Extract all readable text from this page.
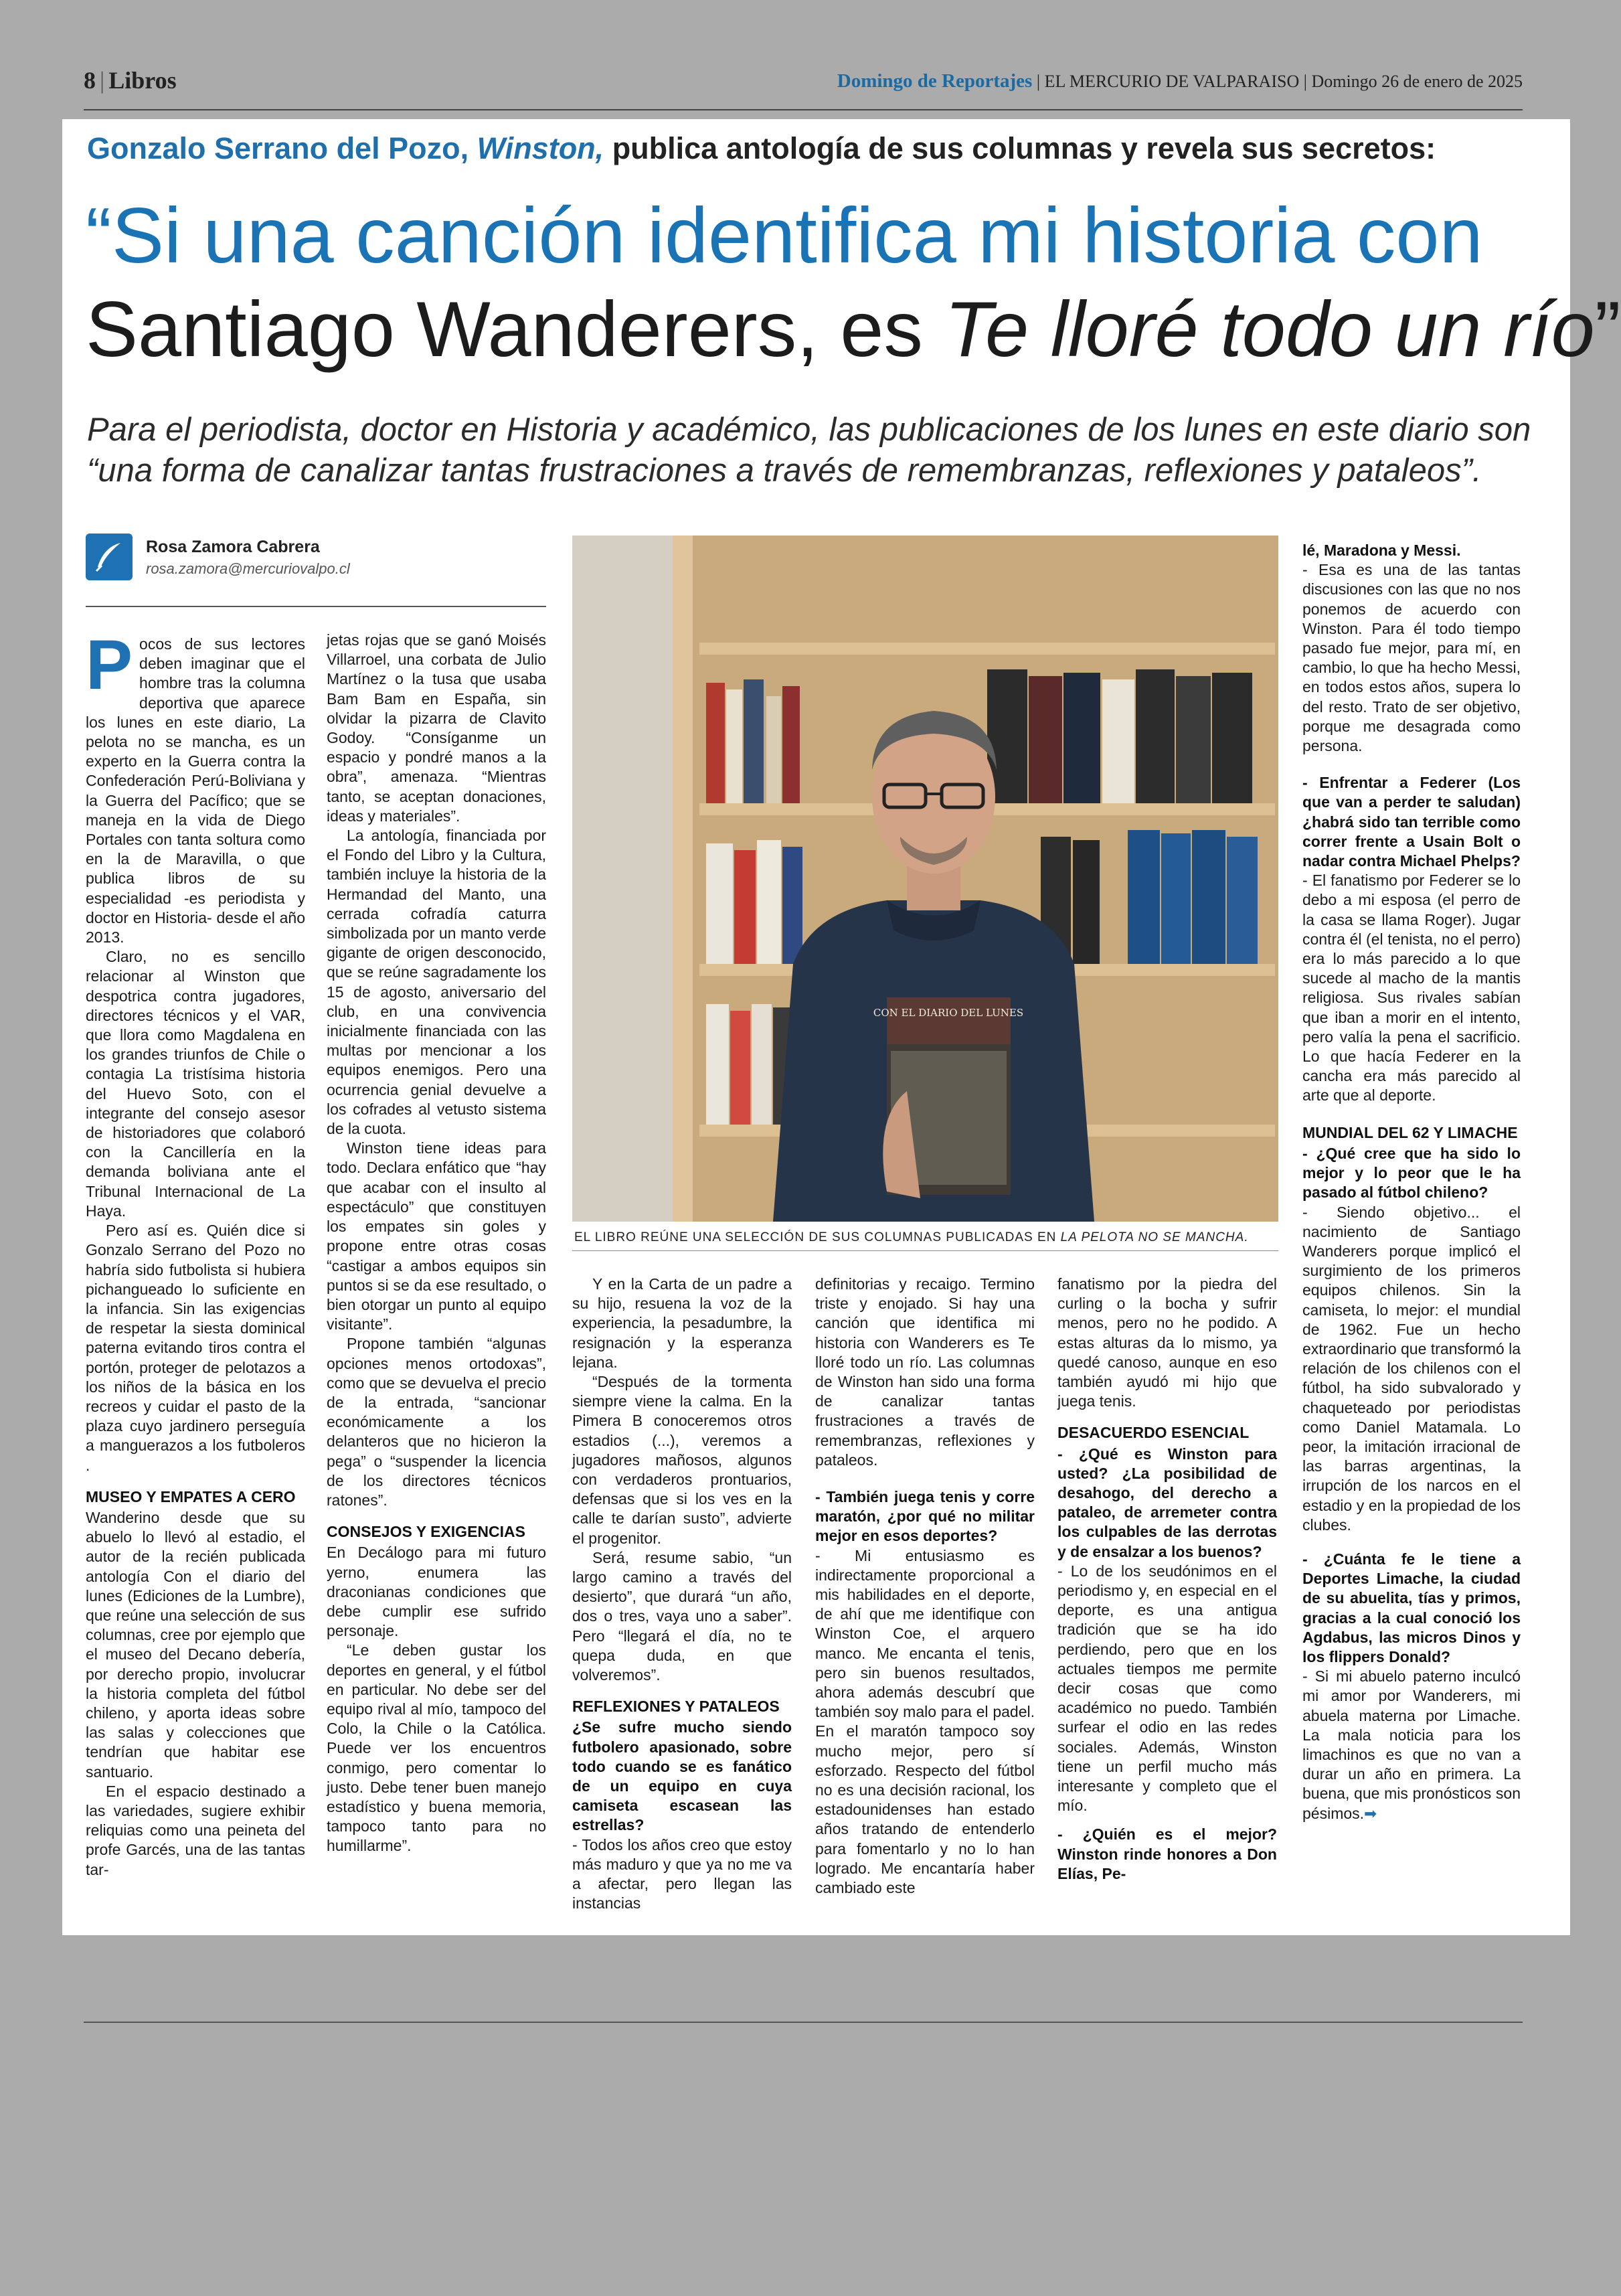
8 | Libros	Domingo de Reportajes | EL MERCURIO DE VALPARAISO | Domingo 26 de enero de 2025
Gonzalo Serrano del Pozo, Winston, publica antología de sus columnas y revela sus secretos:
“Si una canción identifica mi historia con
Santiago Wanderers, es Te lloré todo un río”
Para el periodista, doctor en Historia y académico, las publicaciones de los lunes en este diario son “una forma de canalizar tantas frustraciones a través de remembranzas, reflexiones y pataleos”.
Rosa Zamora Cabrera
rosa.zamora@mercuriovalpo.cl

Pocos de sus lectores deben imaginar que el hombre tras la columna deportiva que aparece los lunes en este diario, La pelota no se mancha, es un experto en la Guerra contra la Confederación Perú-Boliviana y la Guerra del Pacífico; que se maneja en la vida de Diego Portales con tanta soltura como en la de Maravilla, o que publica libros de su especialidad -es periodista y doctor en Historia- desde el año 2013.

Claro, no es sencillo relacionar al Winston que despotrica contra jugadores, directores técnicos y el VAR, que llora como Magdalena en los grandes triunfos de Chile o contagia La tristísima historia del Huevo Soto, con el integrante del consejo asesor de historiadores que colaboró con la Cancillería en la demanda boliviana ante el Tribunal Internacional de La Haya.

Pero así es. Quién dice si Gonzalo Serrano del Pozo no habría sido futbolista si hubiera pichangueado lo suficiente en la infancia. Sin las exigencias de respetar la siesta dominical paterna evitando tiros contra el portón, proteger de pelotazos a los niños de la básica en los recreos y cuidar el pasto de la plaza cuyo jardinero perseguía a manguerazos a los futboleros .

MUSEO Y EMPATES A CERO

Wanderino desde que su abuelo lo llevó al estadio, el autor de la recién publicada antología Con el diario del lunes (Ediciones de la Lumbre), que reúne una selección de sus columnas, cree por ejemplo que el museo del Decano debería, por derecho propio, involucrar la historia completa del fútbol chileno, y aporta ideas sobre las salas y colecciones que tendrían que habitar ese santuario.

En el espacio destinado a las variedades, sugiere exhibir reliquias como una peineta del profe Garcés, una de las tantas tar-

jetas rojas que se ganó Moisés Villarroel, una corbata de Julio Martínez o la tusa que usaba Bam Bam en España, sin olvidar la pizarra de Clavito Godoy. “Consíganme un espacio y pondré manos a la obra”, amenaza. “Mientras tanto, se aceptan donaciones, ideas y materiales”.

La antología, financiada por el Fondo del Libro y la Cultura, también incluye la historia de la Hermandad del Manto, una cerrada cofradía caturra simbolizada por un manto verde gigante de origen desconocido, que se reúne sagradamente los 15 de agosto, aniversario del club, en una convivencia inicialmente financiada con las multas por mencionar a los equipos enemigos. Pero una ocurrencia genial devuelve a los cofrades al vetusto sistema de la cuota.

Winston tiene ideas para todo. Declara enfático que “hay que acabar con el insulto al espectáculo” que constituyen los empates sin goles y propone entre otras cosas “castigar a ambos equipos sin puntos si se da ese resultado, o bien otorgar un punto al equipo visitante”.

Propone también “algunas opciones menos ortodoxas”, como que se devuelva el precio de la entrada, “sancionar económicamente a los delanteros que no hicieron la pega” o “suspender la licencia de los directores técnicos ratones”.

CONSEJOS Y EXIGENCIAS

En Decálogo para mi futuro yerno, enumera las draconianas condiciones que debe cumplir ese sufrido personaje.

“Le deben gustar los deportes en general, y el fútbol en particular. No debe ser del equipo rival al mío, tampoco del Colo, la Chile o la Católica. Puede ver los encuentros conmigo, pero comentar lo justo. Debe tener buen manejo estadístico y buena memoria, tampoco tanto para no humillarme”.

CON EL DIARIO DEL LUNES
EL LIBRO REÚNE UNA SELECCIÓN DE SUS COLUMNAS PUBLICADAS EN LA PELOTA NO SE MANCHA.

Y en la Carta de un padre a su hijo, resuena la voz de la experiencia, la pesadumbre, la resignación y la esperanza lejana.

“Después de la tormenta siempre viene la calma. En la Pimera B conoceremos otros estadios (...), veremos a jugadores mañosos, algunos con verdaderos prontuarios, defensas que si los ves en la calle te darían susto”, advierte el progenitor.

Será, resume sabio, “un largo camino a través del desierto”, que durará “un año, dos o tres, vaya uno a saber”. Pero “llegará el día, no te quepa duda, en que volveremos”.

REFLEXIONES Y PATALEOS

¿Se sufre mucho siendo futbolero apasionado, sobre todo cuando se es fanático de un equipo en cuya camiseta escasean las estrellas?

- Todos los años creo que estoy más maduro y que ya no me va a afectar, pero llegan las instancias

definitorias y recaigo. Termino triste y enojado. Si hay una canción que identifica mi historia con Wanderers es Te lloré todo un río. Las columnas de Winston han sido una forma de canalizar tantas frustraciones a través de remembranzas, reflexiones y pataleos.

- También juega tenis y corre maratón, ¿por qué no militar mejor en esos deportes?

- Mi entusiasmo es indirectamente proporcional a mis habilidades en el deporte, de ahí que me identifique con Winston Coe, el arquero manco. Me encanta el tenis, pero sin buenos resultados, ahora además descubrí que también soy malo para el padel. En el maratón tampoco soy mucho mejor, pero sí esforzado. Respecto del fútbol no es una decisión racional, los estadounidenses han estado años tratando de entenderlo para fomentarlo y no lo han logrado. Me encantaría haber cambiado este

fanatismo por la piedra del curling o la bocha y sufrir menos, pero no he podido. A estas alturas da lo mismo, ya quedé canoso, aunque en eso también ayudó mi hijo que juega tenis.

DESACUERDO ESENCIAL

- ¿Qué es Winston para usted? ¿La posibilidad de desahogo, del derecho a pataleo, de arremeter contra los culpables de las derrotas y de ensalzar a los buenos?

- Lo de los seudónimos en el periodismo y, en especial en el deporte, es una antigua tradición que se ha ido perdiendo, pero que en los actuales tiempos me permite decir cosas que como académico no puedo. También surfear el odio en las redes sociales. Además, Winston tiene un perfil mucho más interesante y completo que el mío.

- ¿Quién es el mejor? Winston rinde honores a Don Elías, Pe-

lé, Maradona y Messi.

- Esa es una de las tantas discusiones con las que no nos ponemos de acuerdo con Winston. Para él todo tiempo pasado fue mejor, para mí, en cambio, lo que ha hecho Messi, en todos estos años, supera lo del resto. Trato de ser objetivo, porque me desagrada como persona.

- Enfrentar a Federer (Los que van a perder te saludan) ¿habrá sido tan terrible como correr frente a Usain Bolt o nadar contra Michael Phelps?

- El fanatismo por Federer se lo debo a mi esposa (el perro de la casa se llama Roger). Jugar contra él (el tenista, no el perro) era lo más parecido a lo que sucede al macho de la mantis religiosa. Sus rivales sabían que iban a morir en el intento, pero valía la pena el sacrificio. Lo que hacía Federer en la cancha era más parecido al arte que al deporte.

MUNDIAL DEL 62 Y LIMACHE

- ¿Qué cree que ha sido lo mejor y lo peor que le ha pasado al fútbol chileno?

- Siendo objetivo... el nacimiento de Santiago Wanderers porque implicó el surgimiento de los primeros equipos chilenos. Sin la camiseta, lo mejor: el mundial de 1962. Fue un hecho extraordinario que transformó la relación de los chilenos con el fútbol, ha sido subvalorado y chaqueteado por periodistas como Daniel Matamala. Lo peor, la imitación irracional de las barras argentinas, la irrupción de los narcos en el estadio y en la propiedad de los clubes.

- ¿Cuánta fe le tiene a Deportes Limache, la ciudad de su abuelita, tías y primos, gracias a la cual conoció los Agdabus, las micros Dinos y los flippers Donald?

- Si mi abuelo paterno inculcó mi amor por Wanderers, mi abuela materna por Limache. La mala noticia para los limachinos es que no van a durar un año en primera. La buena, que mis pronósticos son pésimos.➡
